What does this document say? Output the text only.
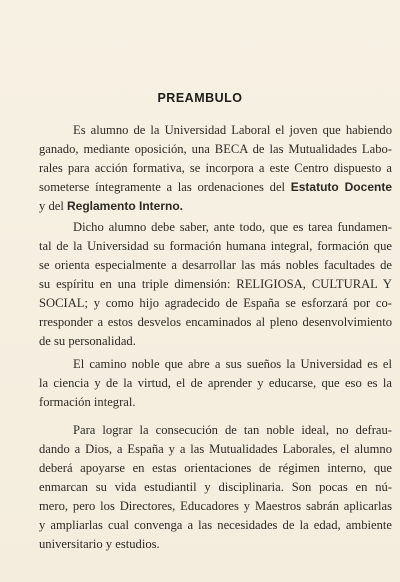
PREAMBULO
Es alumno de la Universidad Laboral el joven que habiendo
ganado, mediante oposición, una BECA de las Mutualidades Labo-
rales para acción formativa, se incorpora a este Centro dispuesto a
someterse íntegramente a las ordenaciones del Estatuto Docente
y del Reglamento Interno.
Dicho alumno debe saber, ante todo, que es tarea fundamen-
tal de la Universidad su formación humana integral, formación que
se orienta especialmente a desarrollar las más nobles facultades de
su espíritu en una triple dimensión: RELIGIOSA, CULTURAL Y
SOCIAL; y como hijo agradecido de España se esforzará por co-
rresponder a estos desvelos encaminados al pleno desenvolvimiento
de su personalidad.
El camino noble que abre a sus sueños la Universidad es el
la ciencia y de la virtud, el de aprender y educarse, que eso es la
formación integral.
Para lograr la consecución de tan noble ideal, no defrau-
dando a Dios, a España y a las Mutualidades Laborales, el alumno
deberá apoyarse en estas orientaciones de régimen interno, que
enmarcan su vida estudiantil y disciplinaria. Son pocas en nú-
mero, pero los Directores, Educadores y Maestros sabrán aplicarlas
y ampliarlas cual convenga a las necesidades de la edad, ambiente
universitario y estudios.
